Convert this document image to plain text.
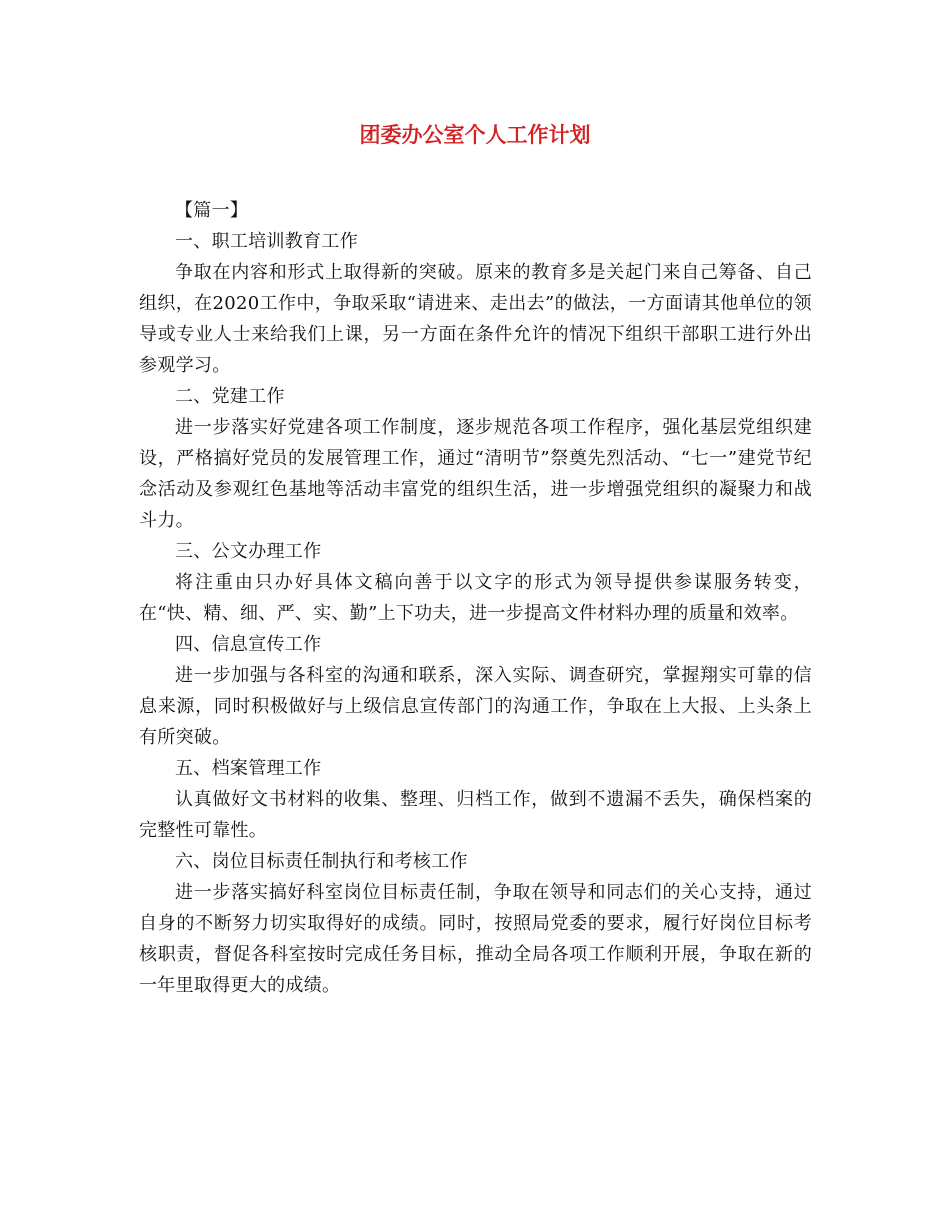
团委办公室个人工作计划

【篇一】

一、职工培训教育工作

争取在内容和形式上取得新的突破。原来的教育多是关起门来自己筹备、自己组织，在2020工作中，争取采取“请进来、走出去”的做法，一方面请其他单位的领导或专业人士来给我们上课，另一方面在条件允许的情况下组织干部职工进行外出参观学习。

二、党建工作

进一步落实好党建各项工作制度，逐步规范各项工作程序，强化基层党组织建设，严格搞好党员的发展管理工作，通过“清明节”祭奠先烈活动、“七一”建党节纪念活动及参观红色基地等活动丰富党的组织生活，进一步增强党组织的凝聚力和战斗力。

三、公文办理工作

将注重由只办好具体文稿向善于以文字的形式为领导提供参谋服务转变，在“快、精、细、严、实、勤”上下功夫，进一步提高文件材料办理的质量和效率。

四、信息宣传工作

进一步加强与各科室的沟通和联系，深入实际、调查研究，掌握翔实可靠的信息来源，同时积极做好与上级信息宣传部门的沟通工作，争取在上大报、上头条上有所突破。

五、档案管理工作

认真做好文书材料的收集、整理、归档工作，做到不遗漏不丢失，确保档案的完整性可靠性。

六、岗位目标责任制执行和考核工作

进一步落实搞好科室岗位目标责任制，争取在领导和同志们的关心支持，通过自身的不断努力切实取得好的成绩。同时，按照局党委的要求，履行好岗位目标考核职责，督促各科室按时完成任务目标，推动全局各项工作顺利开展，争取在新的一年里取得更大的成绩。
